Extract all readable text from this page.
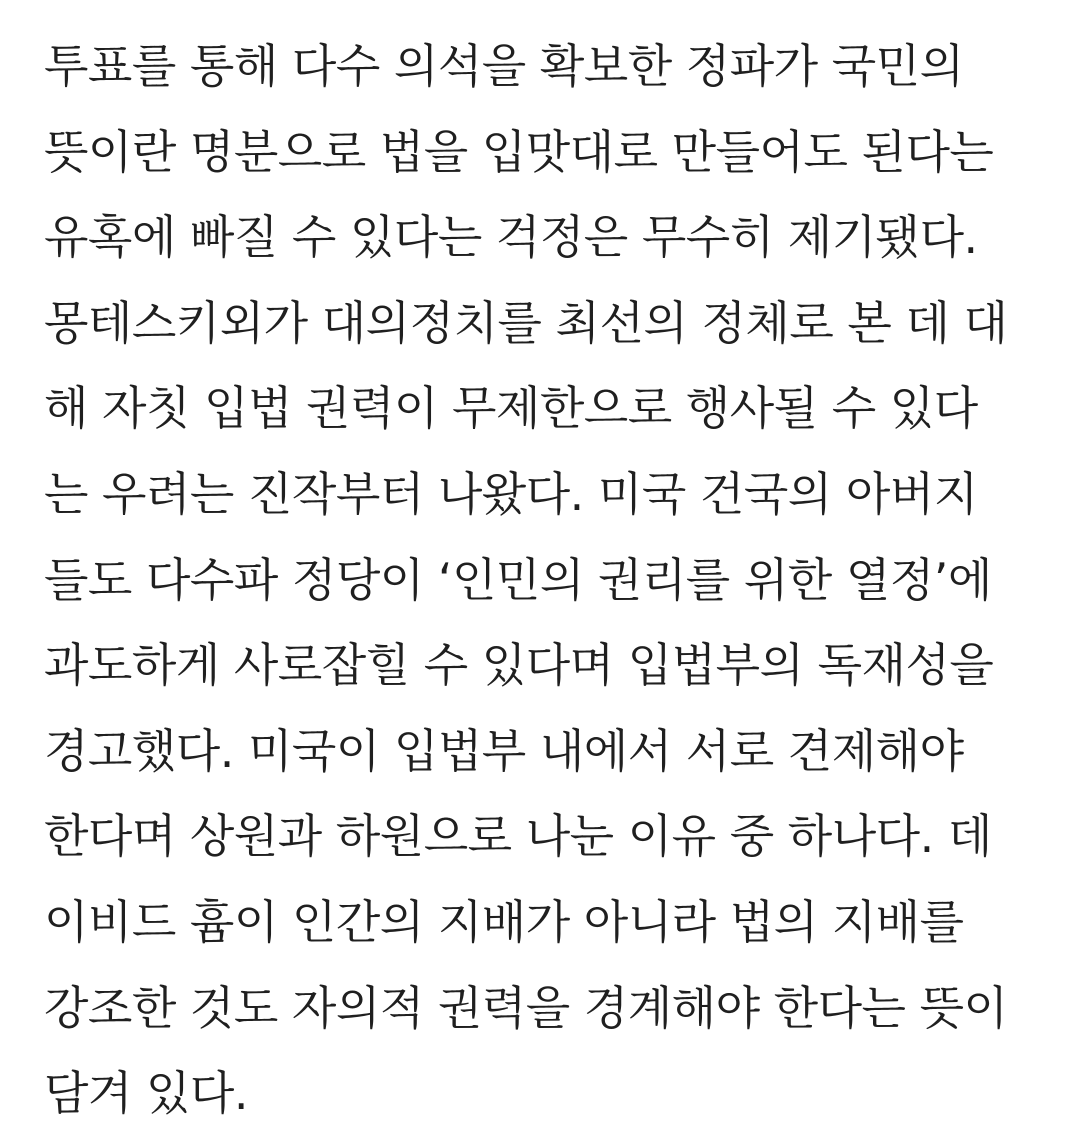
투표를 통해 다수 의석을 확보한 정파가 국민의
뜻이란 명분으로 법을 입맛대로 만들어도 된다는
유혹에 빠질 수 있다는 걱정은 무수히 제기됐다.
몽테스키외가 대의정치를 최선의 정체로 본 데 대
해 자칫 입법 권력이 무제한으로 행사될 수 있다
는 우려는 진작부터 나왔다. 미국 건국의 아버지
들도 다수파 정당이 ‘인민의 권리를 위한 열정’에
과도하게 사로잡힐 수 있다며 입법부의 독재성을
경고했다. 미국이 입법부 내에서 서로 견제해야
한다며 상원과 하원으로 나눈 이유 중 하나다. 데
이비드 흄이 인간의 지배가 아니라 법의 지배를
강조한 것도 자의적 권력을 경계해야 한다는 뜻이
담겨 있다.
